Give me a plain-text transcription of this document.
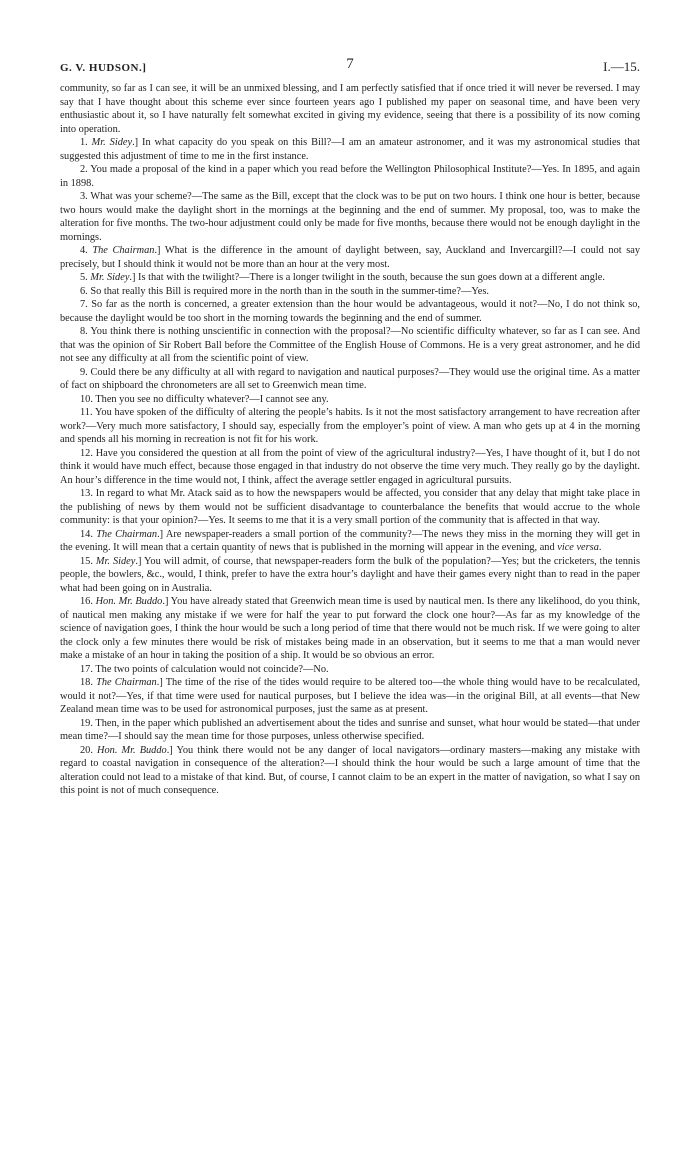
G. V. HUDSON.]	7	I.—15.

community, so far as I can see, it will be an unmixed blessing, and I am perfectly satisfied that if once tried it will never be reversed. I may say that I have thought about this scheme ever since fourteen years ago I published my paper on seasonal time, and have been very enthusiastic about it, so I have naturally felt somewhat excited in giving my evidence, seeing that there is a possibility of its now coming into operation.

1. Mr. Sidey.] In what capacity do you speak on this Bill?—I am an amateur astronomer, and it was my astronomical studies that suggested this adjustment of time to me in the first instance.

2. You made a proposal of the kind in a paper which you read before the Wellington Philosophical Institute?—Yes. In 1895, and again in 1898.

3. What was your scheme?—The same as the Bill, except that the clock was to be put on two hours. I think one hour is better, because two hours would make the daylight short in the mornings at the beginning and the end of summer. My proposal, too, was to make the alteration for five months. The two-hour adjustment could only be made for five months, because there would not be enough daylight in the mornings.

4. The Chairman.] What is the difference in the amount of daylight between, say, Auckland and Invercargill?—I could not say precisely, but I should think it would not be more than an hour at the very most.

5. Mr. Sidey.] Is that with the twilight?—There is a longer twilight in the south, because the sun goes down at a different angle.

6. So that really this Bill is required more in the north than in the south in the summer-time?—Yes.

7. So far as the north is concerned, a greater extension than the hour would be advantageous, would it not?—No, I do not think so, because the daylight would be too short in the morning towards the beginning and the end of summer.

8. You think there is nothing unscientific in connection with the proposal?—No scientific difficulty whatever, so far as I can see. And that was the opinion of Sir Robert Ball before the Committee of the English House of Commons. He is a very great astronomer, and he did not see any difficulty at all from the scientific point of view.

9. Could there be any difficulty at all with regard to navigation and nautical purposes?—They would use the original time. As a matter of fact on shipboard the chronometers are all set to Greenwich mean time.

10. Then you see no difficulty whatever?—I cannot see any.

11. You have spoken of the difficulty of altering the people’s habits. Is it not the most satisfactory arrangement to have recreation after work?—Very much more satisfactory, I should say, especially from the employer’s point of view. A man who gets up at 4 in the morning and spends all his morning in recreation is not fit for his work.

12. Have you considered the question at all from the point of view of the agricultural industry?—Yes, I have thought of it, but I do not think it would have much effect, because those engaged in that industry do not observe the time very much. They really go by the daylight. An hour’s difference in the time would not, I think, affect the average settler engaged in agricultural pursuits.

13. In regard to what Mr. Atack said as to how the newspapers would be affected, you consider that any delay that might take place in the publishing of news by them would not be sufficient disadvantage to counterbalance the benefits that would accrue to the whole community: is that your opinion?—Yes. It seems to me that it is a very small portion of the community that is affected in that way.

14. The Chairman.] Are newspaper-readers a small portion of the community?—The news they miss in the morning they will get in the evening. It will mean that a certain quantity of news that is published in the morning will appear in the evening, and vice versa.

15. Mr. Sidey.] You will admit, of course, that newspaper-readers form the bulk of the population?—Yes; but the cricketers, the tennis people, the bowlers, &c., would, I think, prefer to have the extra hour’s daylight and have their games every night than to read in the paper what had been going on in Australia.

16. Hon. Mr. Buddo.] You have already stated that Greenwich mean time is used by nautical men. Is there any likelihood, do you think, of nautical men making any mistake if we were for half the year to put forward the clock one hour?—As far as my knowledge of the science of navigation goes, I think the hour would be such a long period of time that there would not be much risk. If we were going to alter the clock only a few minutes there would be risk of mistakes being made in an observation, but it seems to me that a man would never make a mistake of an hour in taking the position of a ship. It would be so obvious an error.

17. The two points of calculation would not coincide?—No.

18. The Chairman.] The time of the rise of the tides would require to be altered too—the whole thing would have to be recalculated, would it not?—Yes, if that time were used for nautical purposes, but I believe the idea was—in the original Bill, at all events—that New Zealand mean time was to be used for astronomical purposes, just the same as at present.

19. Then, in the paper which published an advertisement about the tides and sunrise and sunset, what hour would be stated—that under mean time?—I should say the mean time for those purposes, unless otherwise specified.

20. Hon. Mr. Buddo.] You think there would not be any danger of local navigators—ordinary masters—making any mistake with regard to coastal navigation in consequence of the alteration?—I should think the hour would be such a large amount of time that the alteration could not lead to a mistake of that kind. But, of course, I cannot claim to be an expert in the matter of navigation, so what I say on this point is not of much consequence.
